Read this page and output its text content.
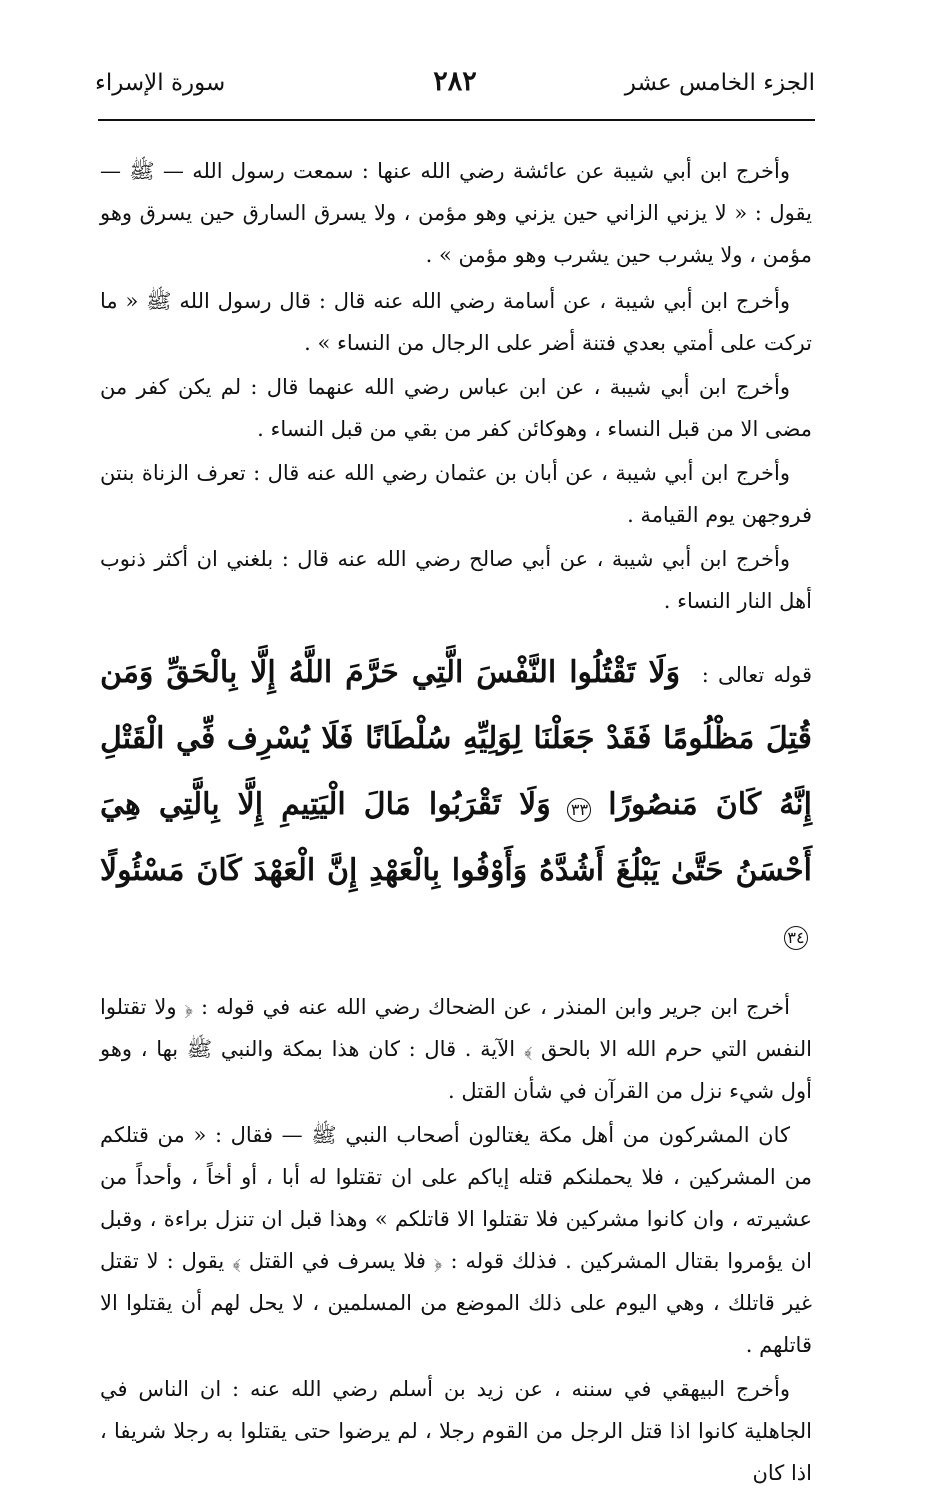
الجزء الخامس عشر
٢٨٢
سورة الإسراء

وأخرج ابن أبي شيبة عن عائشة رضي الله عنها : سمعت رسول الله — ﷺ — يقول : « لا يزني الزاني حين يزني وهو مؤمن ، ولا يسرق السارق حين يسرق وهو مؤمن ، ولا يشرب حين يشرب وهو مؤمن » .

وأخرج ابن أبي شيبة ، عن أسامة رضي الله عنه قال : قال رسول الله ﷺ « ما تركت على أمتي بعدي فتنة أضر على الرجال من النساء » .

وأخرج ابن أبي شيبة ، عن ابن عباس رضي الله عنهما قال : لم يكن كفر من مضى الا من قبل النساء ، وهوكائن كفر من بقي من قبل النساء .

وأخرج ابن أبي شيبة ، عن أبان بن عثمان رضي الله عنه قال : تعرف الزناة بنتن فروجهن يوم القيامة .

وأخرج ابن أبي شيبة ، عن أبي صالح رضي الله عنه قال : بلغني ان أكثر ذنوب أهل النار النساء .

قوله تعالى : وَلَا تَقْتُلُوا النَّفْسَ الَّتِي حَرَّمَ اللَّهُ إِلَّا بِالْحَقِّ وَمَن قُتِلَ مَظْلُومًا فَقَدْ جَعَلْنَا لِوَلِيِّهِ سُلْطَانًا فَلَا يُسْرِف فِّي الْقَتْلِ إِنَّهُ كَانَ مَنصُورًا ٣٣ وَلَا تَقْرَبُوا مَالَ الْيَتِيمِ إِلَّا بِالَّتِي هِيَ أَحْسَنُ حَتَّىٰ يَبْلُغَ أَشُدَّهُ وَأَوْفُوا بِالْعَهْدِ إِنَّ الْعَهْدَ كَانَ مَسْئُولًا ٣٤

أخرج ابن جرير وابن المنذر ، عن الضحاك رضي الله عنه في قوله : ﴿ ولا تقتلوا النفس التي حرم الله الا بالحق ﴾ الآية . قال : كان هذا بمكة والنبي ﷺ بها ، وهو أول شيء نزل من القرآن في شأن القتل .

كان المشركون من أهل مكة يغتالون أصحاب النبي ﷺ — فقال : « من قتلكم من المشركين ، فلا يحملنكم قتله إياكم على ان تقتلوا له أبا ، أو أخاً ، وأحداً من عشيرته ، وان كانوا مشركين فلا تقتلوا الا قاتلكم » وهذا قبل ان تنزل براءة ، وقبل ان يؤمروا بقتال المشركين . فذلك قوله : ﴿ فلا يسرف في القتل ﴾ يقول : لا تقتل غير قاتلك ، وهي اليوم على ذلك الموضع من المسلمين ، لا يحل لهم أن يقتلوا الا قاتلهم .

وأخرج البيهقي في سننه ، عن زيد بن أسلم رضي الله عنه : ان الناس في الجاهلية كانوا اذا قتل الرجل من القوم رجلا ، لم يرضوا حتى يقتلوا به رجلا شريفا ، اذا كان
